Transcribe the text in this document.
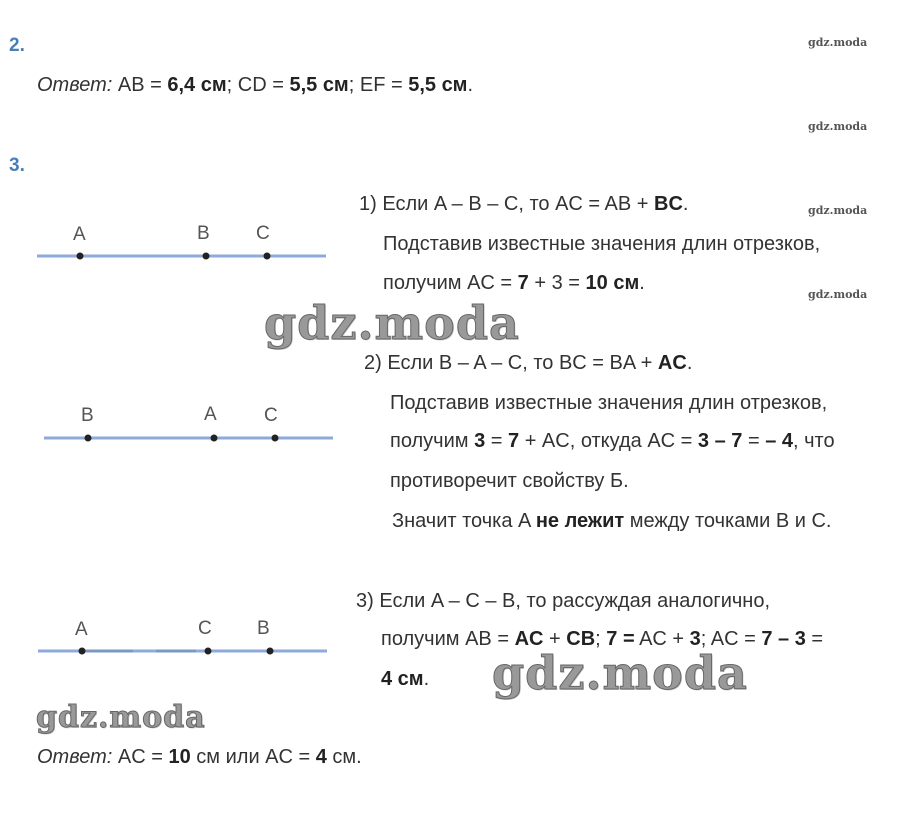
2.	gdz.moda
Ответ: AB = 6,4 см; CD = 5,5 см; EF = 5,5 см.
gdz.moda
3.
A	B C
1) Если A – B – C, то AC = AB + BC.	gdz.moda
Подставив известные значения длин отрезков,
получим AC = 7 + 3 = 10 см.
gdz.moda
gdz.moda
B	A C
2) Если B – A – C, то BC = BA + AC.
Подставив известные значения длин отрезков,
получим 3 = 7 + AC, откуда AC = 3 – 7 = – 4, что
противоречит свойству Б.
Значит точка A не лежит между точками B и C.
A	C B
3) Если A – C – B, то рассуждая аналогично,
получим AB = AC + CB; 7 = AC + 3; AC = 7 – 3 =
4 см. gdz.moda
gdz.moda
Ответ: AC = 10 см или AC = 4 см.
